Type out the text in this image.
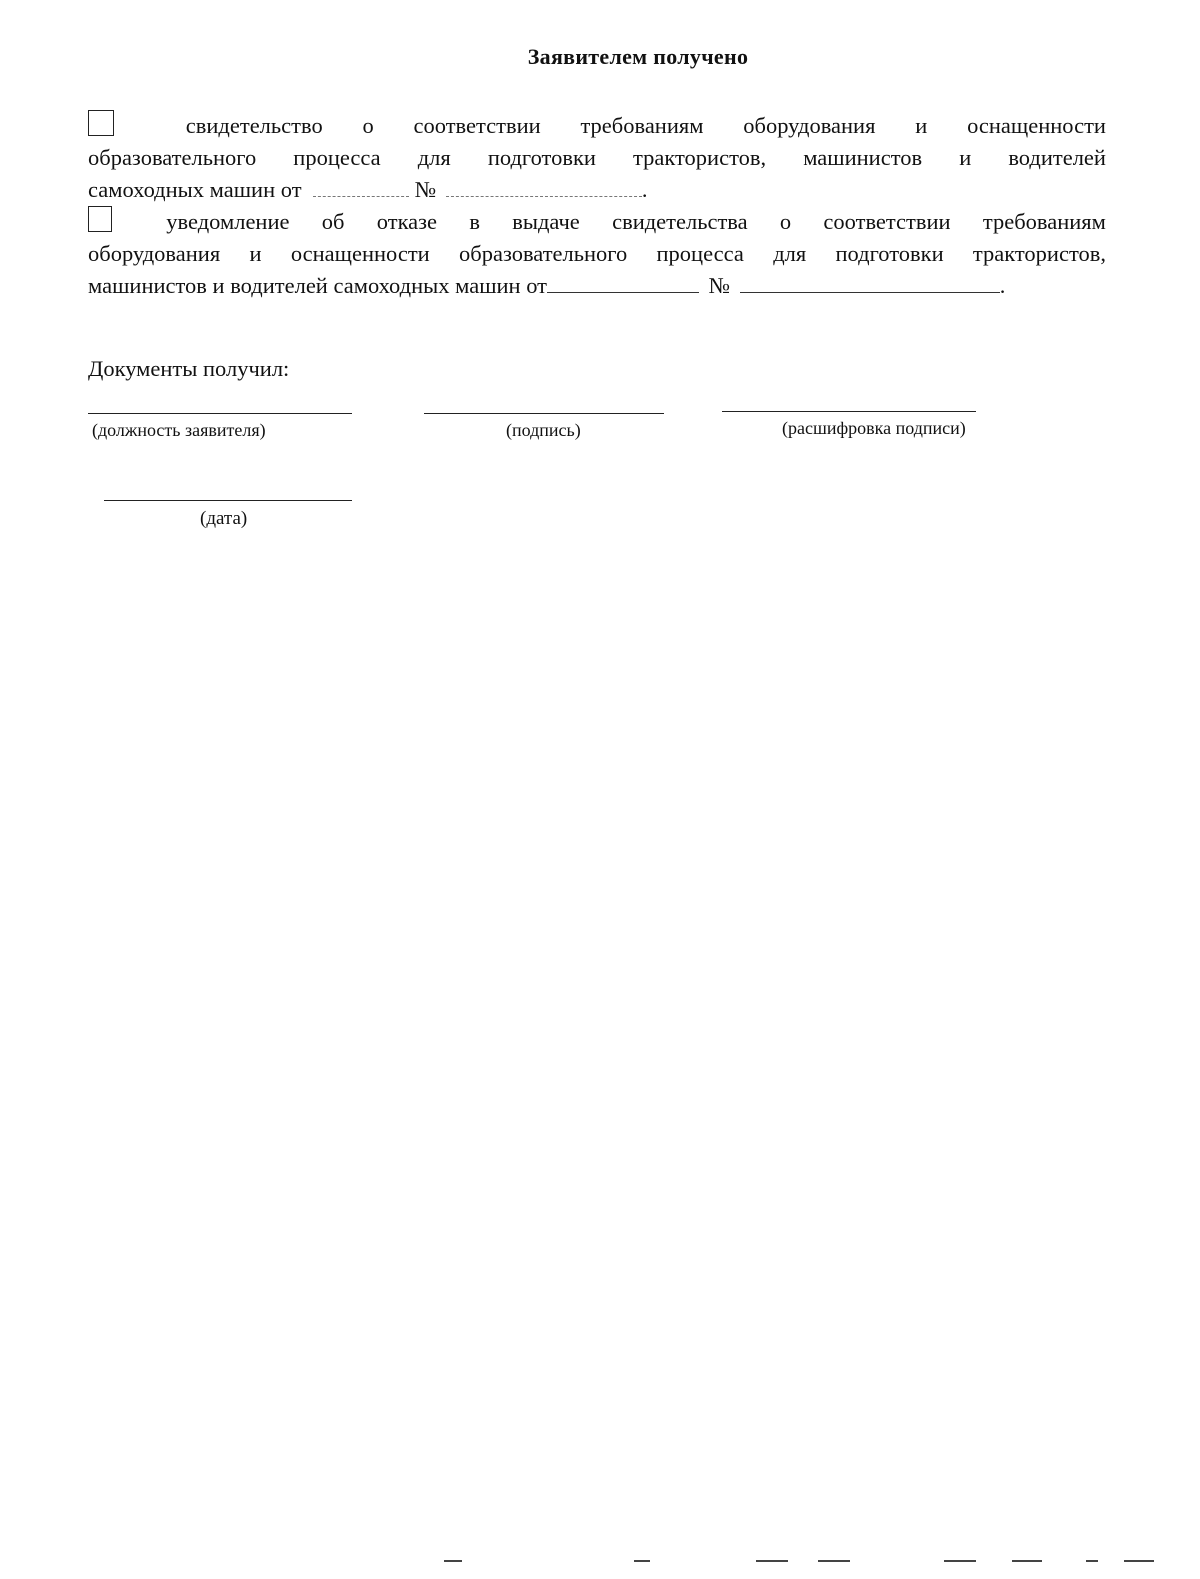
Заявителем получено
свидетельство о соответствии требованиям оборудования и оснащенности
образовательного процесса для подготовки трактористов, машинистов и водителей
самоходных машин от	№	.
уведомление об отказе в выдаче свидетельства о соответствии требованиям
оборудования и оснащенности образовательного процесса для подготовки трактористов,
машинистов и водителей самоходных машин от	№	.
Документы получил:
(должность заявителя)	(подпись)	(расшифровка подписи)
(дата)
